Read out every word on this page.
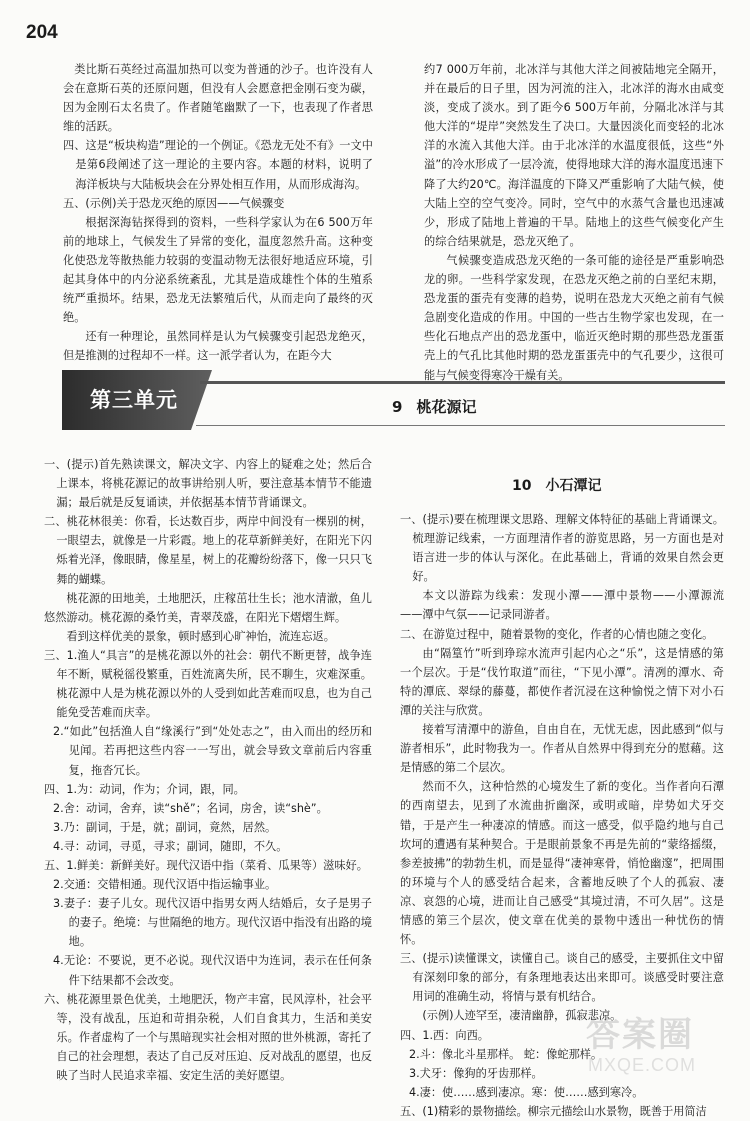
204

类比斯石英经过高温加热可以变为普通的沙子。也许没有人会在意斯石英的还原问题，但没有人会愿意把金刚石变为碳，因为金刚石太名贵了。作者随笔幽默了一下，也表现了作者思维的活跃。

四、这是“板块构造”理论的一个例证。《恐龙无处不有》一文中是第6段阐述了这一理论的主要内容。本题的材料，说明了海洋板块与大陆板块会在分界处相互作用，从而形成海沟。

五、(示例)关于恐龙灭绝的原因——气候骤变

根据深海钻探得到的资料，一些科学家认为在6 500万年前的地球上，气候发生了异常的变化，温度忽然升高。这种变化使恐龙等散热能力较弱的变温动物无法很好地适应环境，引起其身体中的内分泌系统紊乱，尤其是造成雄性个体的生殖系统严重损坏。结果，恐龙无法繁殖后代，从而走向了最终的灭绝。

还有一种理论，虽然同样是认为气候骤变引起恐龙绝灭，但是推测的过程却不一样。这一派学者认为，在距今大

约7 000万年前，北冰洋与其他大洋之间被陆地完全隔开，并在最后的日子里，因为河流的注入，北冰洋的海水由咸变淡，变成了淡水。到了距今6 500万年前，分隔北冰洋与其他大洋的“堤岸”突然发生了决口。大量因淡化而变轻的北冰洋的水流入其他大洋。由于北冰洋的水温度很低，这些“外溢”的冷水形成了一层冷流，使得地球大洋的海水温度迅速下降了大约20℃。海洋温度的下降又严重影响了大陆气候，使大陆上空的空气变冷。同时，空气中的水蒸气含量也迅速减少，形成了陆地上普遍的干旱。陆地上的这些气候变化产生的综合结果就是，恐龙灭绝了。

气候骤变造成恐龙灭绝的一条可能的途径是严重影响恐龙的卵。一些科学家发现，在恐龙灭绝之前的白垩纪末期，恐龙蛋的蛋壳有变薄的趋势，说明在恐龙大灭绝之前有气候急剧变化造成的作用。中国的一些古生物学家也发现，在一些化石地点产出的恐龙蛋中，临近灭绝时期的那些恐龙蛋蛋壳上的气孔比其他时期的恐龙蛋蛋壳中的气孔要少，这很可能与气候变得寒冷干燥有关。

第三单元	9 桃花源记

一、(提示)首先熟读课文，解决文字、内容上的疑难之处；然后合上课本，将桃花源记的故事讲给别人听，要注意基本情节不能遗漏；最后就是反复诵读，并依据基本情节背诵课文。

二、桃花林很美：你看，长达数百步，两岸中间没有一棵别的树，一眼望去，就像是一片彩霞。地上的花草新鲜美好，在阳光下闪烁着光泽，像眼睛，像星星，树上的花瓣纷纷落下，像一只只飞舞的蝴蝶。

桃花源的田地美，土地肥沃，庄稼茁壮生长；池水清澈，鱼儿悠然游动。桃花源的桑竹美，青翠茂盛，在阳光下熠熠生辉。

看到这样优美的景象，顿时感到心旷神怡，流连忘返。

三、1.渔人“具言”的是桃花源以外的社会：朝代不断更替，战争连年不断，赋税徭役繁重，百姓流离失所，民不聊生，灾难深重。桃花源中人是为桃花源以外的人受到如此苦难而叹息，也为自己能免受苦难而庆幸。

2.“如此”包括渔人自“缘溪行”到“处处志之”，由入而出的经历和见闻。若再把这些内容一一写出，就会导致文章前后内容重复，拖沓冗长。

四、1.为：动词，作为；介词，跟，同。

2.舍：动词，舍弃，读“shě”；名词，房舍，读“shè”。

3.乃：副词，于是，就；副词，竟然，居然。

4.寻：动词，寻觅，寻求；副词，随即，不久。

五、1.鲜美：新鲜美好。现代汉语中指（菜肴、瓜果等）滋味好。

2.交通：交错相通。现代汉语中指运输事业。

3.妻子：妻子儿女。现代汉语中指男女两人结婚后，女子是男子的妻子。绝境：与世隔绝的地方。现代汉语中指没有出路的境地。

4.无论：不要说，更不必说。现代汉语中为连词，表示在任何条件下结果都不会改变。

六、桃花源里景色优美，土地肥沃，物产丰富，民风淳朴，社会平等，没有战乱，压迫和苛捐杂税，人们自食其力，生活和美安乐。作者虚构了一个与黑暗现实社会相对照的世外桃源，寄托了自己的社会理想，表达了自己反对压迫、反对战乱的愿望，也反映了当时人民追求幸福、安定生活的美好愿望。

10 小石潭记

一、(提示)要在梳理课文思路、理解文体特征的基础上背诵课文。梳理游记线索，一方面理清作者的游览思路，另一方面也是对语言进一步的体认与深化。在此基础上，背诵的效果自然会更好。

本文以游踪为线索：发现小潭——潭中景物——小潭源流——潭中气氛——记录同游者。

二、在游览过程中，随着景物的变化，作者的心情也随之变化。

由“隔篁竹”听到琤琮水流声引起内心之“乐”，这是情感的第一个层次。于是“伐竹取道”而往，“下见小潭”。清冽的潭水、奇特的潭底、翠绿的藤蔓，都使作者沉浸在这种愉悦之情下对小石潭的关注与欣赏。

接着写清潭中的游鱼，自由自在，无忧无虑，因此感到“似与游者相乐”，此时物我为一。作者从自然界中得到充分的慰藉。这是情感的第二个层次。

然而不久，这种恰然的心境发生了新的变化。当作者向石潭的西南望去，见到了水流曲折幽深，或明或暗，岸势如犬牙交错，于是产生一种凄凉的情感。而这一感受，似乎隐约地与自己坎坷的遭遇有某种契合。于是眼前景象不再是先前的“蒙络摇缀，参差披拂”的勃勃生机，而是显得“凄神寒骨，悄怆幽邃”，把周围的环境与个人的感受结合起来，含蓄地反映了个人的孤寂、凄凉、哀怨的心境，进而让自己感受“其境过清，不可久居”。这是情感的第三个层次，使文章在优美的景物中透出一种忧伤的情怀。

三、(提示)读懂课文，读懂自己。谈自己的感受，主要抓住文中留有深刻印象的部分，有条理地表达出来即可。谈感受时要注意用词的准确生动，将情与景有机结合。

(示例)人迹罕至，凄清幽静，孤寂悲凉。

四、1.西：向西。

2.斗：像北斗星那样。 蛇：像蛇那样。

3.犬牙：像狗的牙齿那样。

4.凄：使……感到凄凉。寒：使……感到寒冷。

五、(1)精彩的景物描绘。柳宗元描绘山水景物，既善于用简洁

答案圈
MXQE.COM
